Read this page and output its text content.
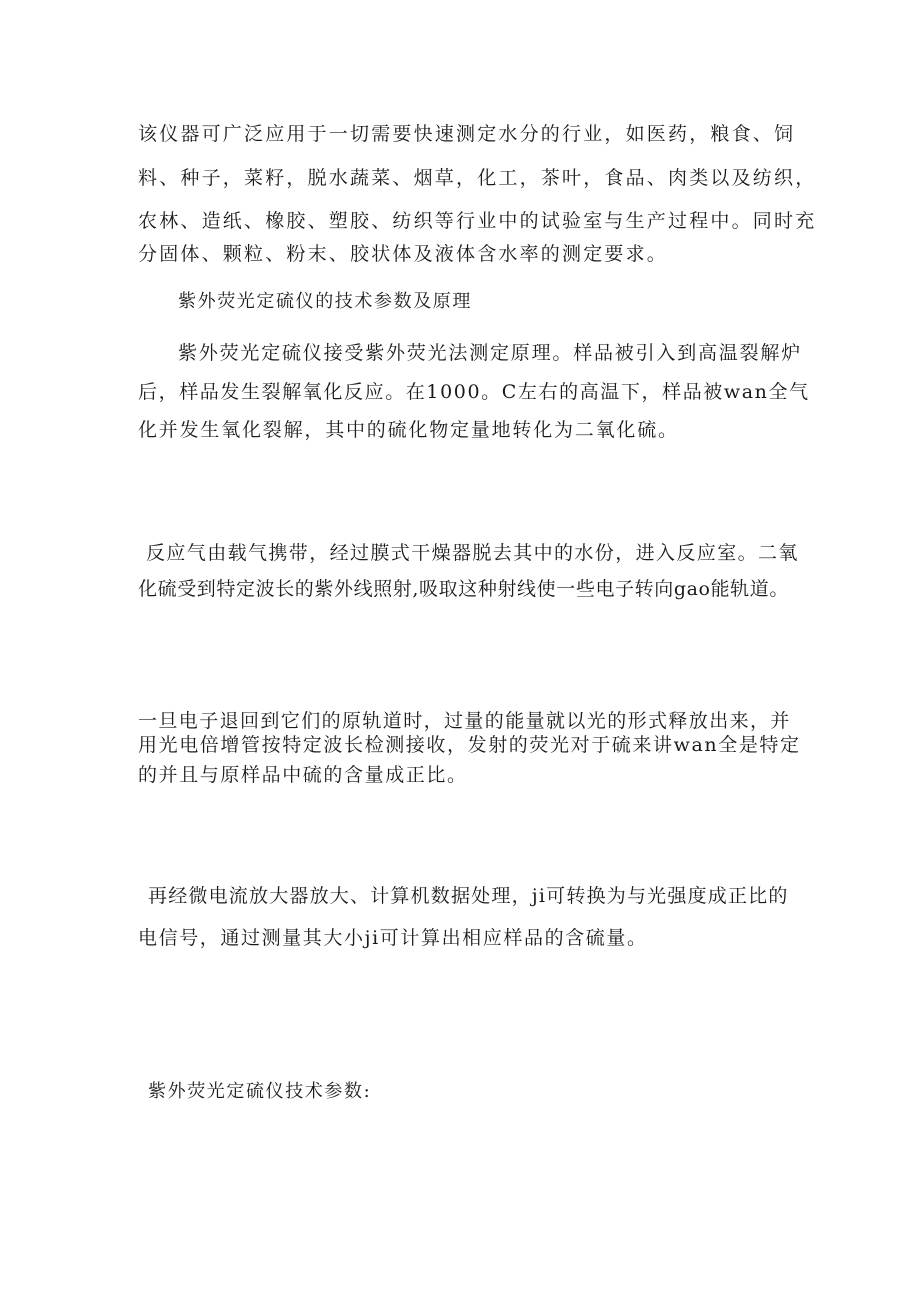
该仪器可广泛应用于一切需要快速测定水分的行业，如医药，粮食、饲

料、种子，菜籽，脱水蔬菜、烟草，化工，茶叶，食品、肉类以及纺织，

农林、造纸、橡胶、塑胶、纺织等行业中的试验室与生产过程中。同时充

分固体、颗粒、粉末、胶状体及液体含水率的测定要求。

紫外荧光定硫仪的技术参数及原理

紫外荧光定硫仪接受紫外荧光法测定原理。样品被引入到高温裂解炉

后，样品发生裂解氧化反应。在1000。C左右的高温下，样品被wan全气

化并发生氧化裂解，其中的硫化物定量地转化为二氧化硫。

反应气由载气携带，经过膜式干燥器脱去其中的水份，进入反应室。二氧

化硫受到特定波长的紫外线照射,吸取这种射线使一些电子转向gao能轨道。

一旦电子退回到它们的原轨道时，过量的能量就以光的形式释放出来，并

用光电倍增管按特定波长检测接收，发射的荧光对于硫来讲wan全是特定

的并且与原样品中硫的含量成正比。

再经微电流放大器放大、计算机数据处理，ji可转换为与光强度成正比的

电信号，通过测量其大小ji可计算出相应样品的含硫量。

紫外荧光定硫仪技术参数:
